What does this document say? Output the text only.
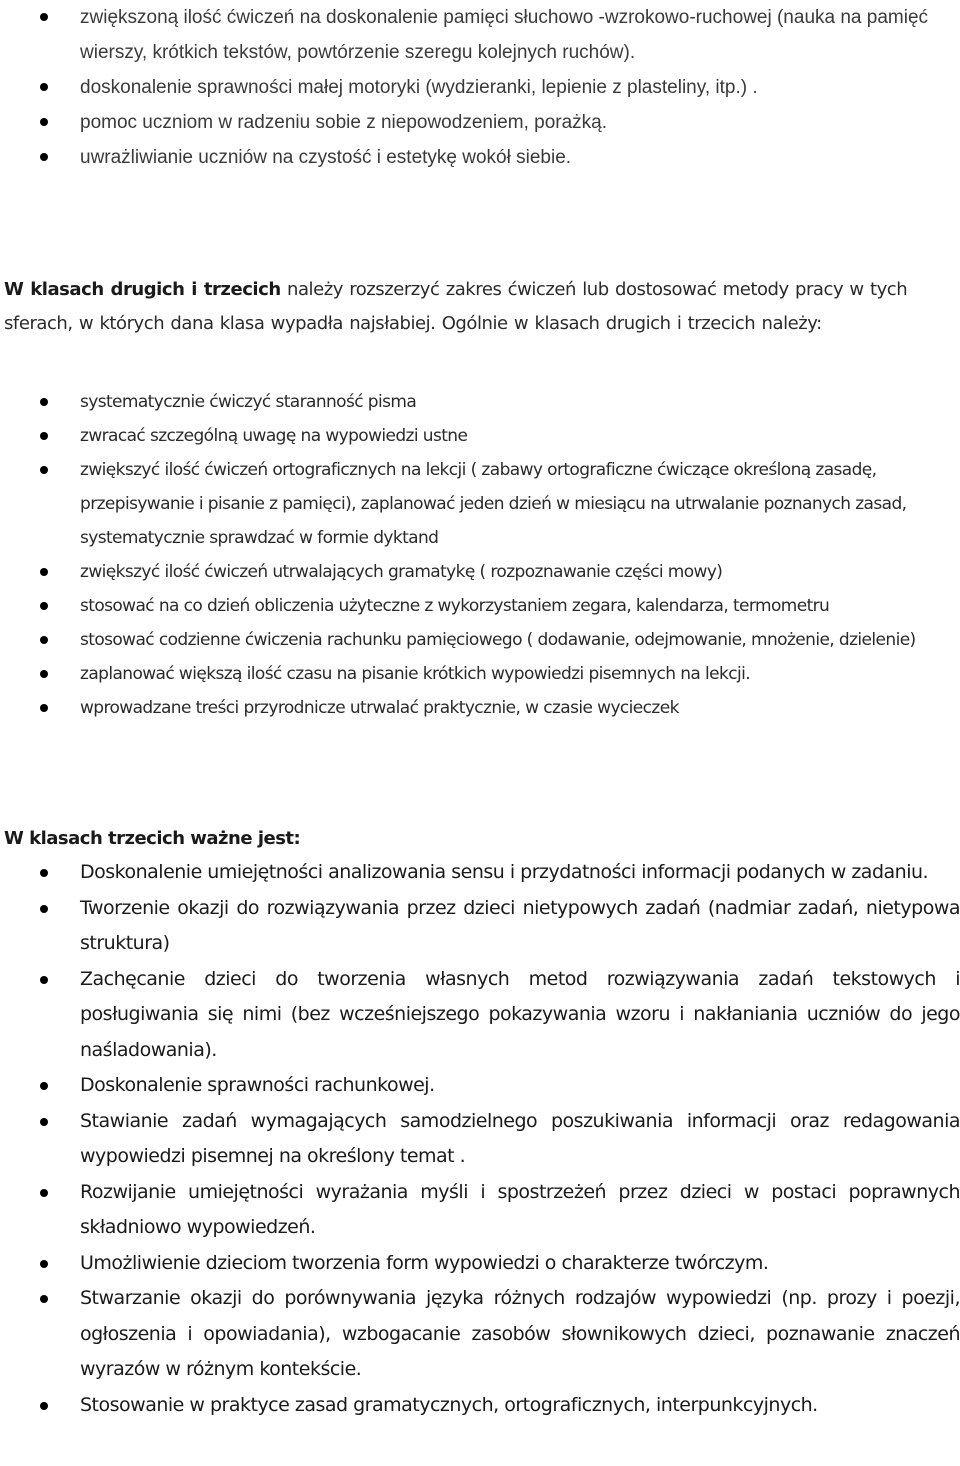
zwiększoną ilość ćwiczeń na doskonalenie pamięci słuchowo -wzrokowo-ruchowej (nauka na pamięć wierszy, krótkich tekstów, powtórzenie szeregu kolejnych ruchów).
doskonalenie sprawności małej motoryki (wydzieranki, lepienie z plasteliny, itp.) .
pomoc uczniom w radzeniu sobie z niepowodzeniem, porażką.
uwrażliwianie uczniów na czystość i estetykę wokół siebie.

W klasach drugich i trzecich należy rozszerzyć zakres ćwiczeń lub dostosować metody pracy w tych sferach, w których dana klasa wypadła najsłabiej. Ogólnie w klasach drugich i trzecich należy:

systematycznie ćwiczyć staranność pisma
zwracać szczególną uwagę na wypowiedzi ustne
zwiększyć ilość ćwiczeń ortograficznych na lekcji ( zabawy ortograficzne ćwiczące określoną zasadę, przepisywanie i pisanie z pamięci), zaplanować jeden dzień w miesiącu na utrwalanie poznanych zasad, systematycznie sprawdzać w formie dyktand
zwiększyć ilość ćwiczeń utrwalających gramatykę ( rozpoznawanie części mowy)
stosować na co dzień obliczenia użyteczne z wykorzystaniem zegara, kalendarza, termometru
stosować codzienne ćwiczenia rachunku pamięciowego ( dodawanie, odejmowanie, mnożenie, dzielenie)
zaplanować większą ilość czasu na pisanie krótkich wypowiedzi pisemnych na lekcji.
wprowadzane treści przyrodnicze utrwalać praktycznie, w czasie wycieczek
W klasach trzecich ważne jest:
Doskonalenie umiejętności analizowania sensu i przydatności informacji podanych w zadaniu.
Tworzenie okazji do rozwiązywania przez dzieci nietypowych zadań (nadmiar zadań, nietypowa struktura)
Zachęcanie dzieci do tworzenia własnych metod rozwiązywania zadań tekstowych i posługiwania się nimi (bez wcześniejszego pokazywania wzoru i nakłaniania uczniów do jego naśladowania).
Doskonalenie sprawności rachunkowej.
Stawianie zadań wymagających samodzielnego poszukiwania informacji oraz redagowania wypowiedzi pisemnej na określony temat .
Rozwijanie umiejętności wyrażania myśli i spostrzeżeń przez dzieci w postaci poprawnych składniowo wypowiedzeń.
Umożliwienie dzieciom tworzenia form wypowiedzi o charakterze twórczym.
Stwarzanie okazji do porównywania języka różnych rodzajów wypowiedzi (np. prozy i poezji, ogłoszenia i opowiadania), wzbogacanie zasobów słownikowych dzieci, poznawanie znaczeń wyrazów w różnym kontekście.
Stosowanie w praktyce zasad gramatycznych, ortograficznych, interpunkcyjnych.
